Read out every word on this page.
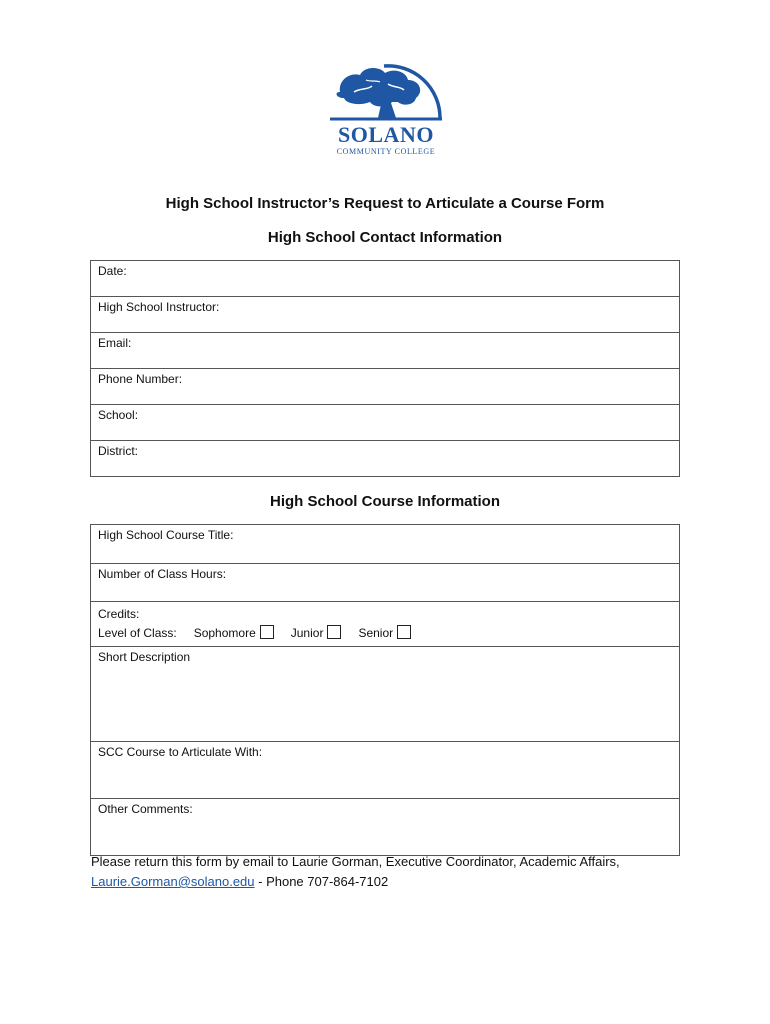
SOLANO
COMMUNITY COLLEGE
High School Instructor’s Request to Articulate a Course Form
High School Contact Information
Date:
High School Instructor:
Email:
Phone Number:
School:
District:
High School Course Information
High School Course Title:
Number of Class Hours:

Credits:
Level of Class: Sophomore	Junior	Senior

Short Description
SCC Course to Articulate With:
Other Comments:
Please return this form by email to Laurie Gorman, Executive Coordinator, Academic Affairs,
Laurie.Gorman@solano.edu - Phone 707-864-7102
